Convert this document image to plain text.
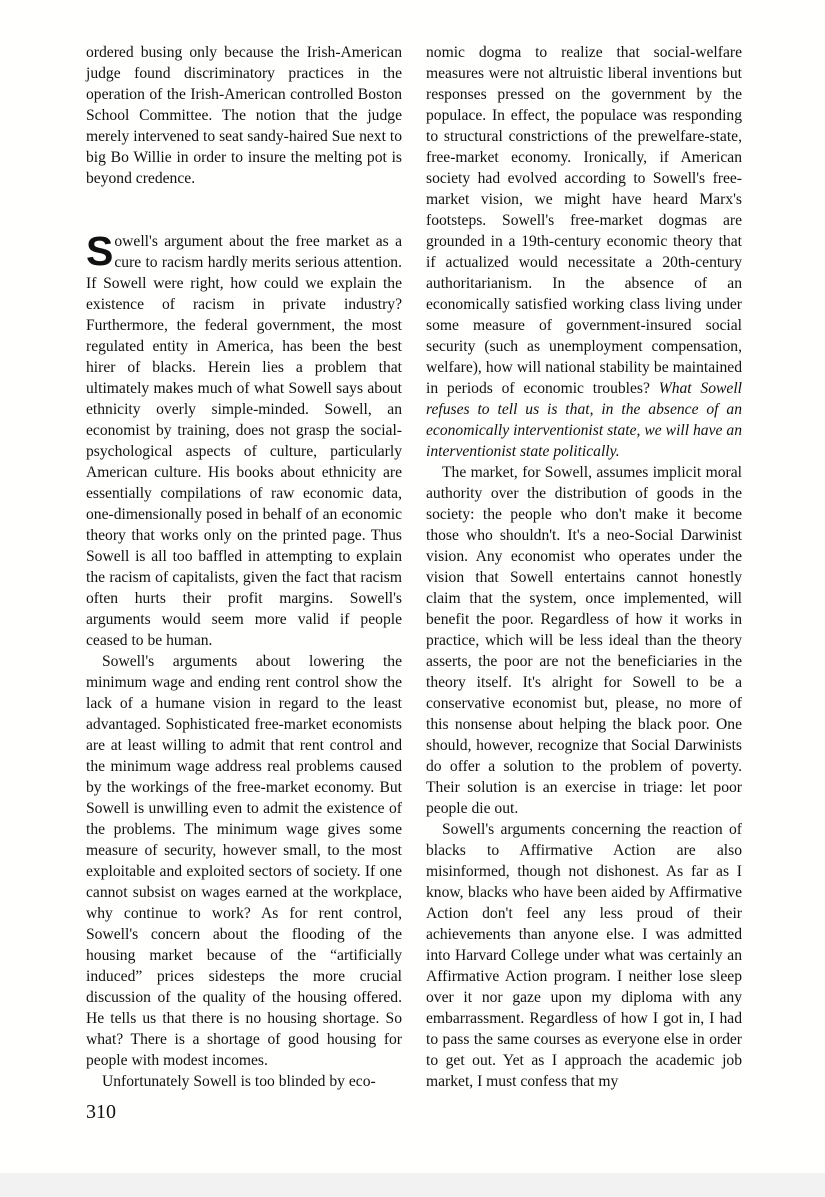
ordered busing only because the Irish-American judge found discriminatory practices in the operation of the Irish-American controlled Boston School Committee. The notion that the judge merely intervened to seat sandy-haired Sue next to big Bo Willie in order to insure the melting pot is beyond credence.

Sowell's argument about the free market as a cure to racism hardly merits serious attention. If Sowell were right, how could we explain the existence of racism in private industry? Furthermore, the federal government, the most regulated entity in America, has been the best hirer of blacks. Herein lies a problem that ultimately makes much of what Sowell says about ethnicity overly simple-minded. Sowell, an economist by training, does not grasp the social-psychological aspects of culture, particularly American culture. His books about ethnicity are essentially compilations of raw economic data, one-dimensionally posed in behalf of an economic theory that works only on the printed page. Thus Sowell is all too baffled in attempting to explain the racism of capitalists, given the fact that racism often hurts their profit margins. Sowell's arguments would seem more valid if people ceased to be human.

Sowell's arguments about lowering the minimum wage and ending rent control show the lack of a humane vision in regard to the least advantaged. Sophisticated free-market economists are at least willing to admit that rent control and the minimum wage address real problems caused by the workings of the free-market economy. But Sowell is unwilling even to admit the existence of the problems. The minimum wage gives some measure of security, however small, to the most exploitable and exploited sectors of society. If one cannot subsist on wages earned at the workplace, why continue to work? As for rent control, Sowell's concern about the flooding of the housing market because of the “artificially induced” prices sidesteps the more crucial discussion of the quality of the housing offered. He tells us that there is no housing shortage. So what? There is a shortage of good housing for people with modest incomes.

Unfortunately Sowell is too blinded by eco-

nomic dogma to realize that social-welfare measures were not altruistic liberal inventions but responses pressed on the government by the populace. In effect, the populace was responding to structural constrictions of the prewelfare-state, free-market economy. Ironically, if American society had evolved according to Sowell's free-market vision, we might have heard Marx's footsteps. Sowell's free-market dogmas are grounded in a 19th-century economic theory that if actualized would necessitate a 20th-century authoritarianism. In the absence of an economically satisfied working class living under some measure of government-insured social security (such as unemployment compensation, welfare), how will national stability be maintained in periods of economic troubles? What Sowell refuses to tell us is that, in the absence of an economically interventionist state, we will have an interventionist state politically.

The market, for Sowell, assumes implicit moral authority over the distribution of goods in the society: the people who don't make it become those who shouldn't. It's a neo-Social Darwinist vision. Any economist who operates under the vision that Sowell entertains cannot honestly claim that the system, once implemented, will benefit the poor. Regardless of how it works in practice, which will be less ideal than the theory asserts, the poor are not the beneficiaries in the theory itself. It's alright for Sowell to be a conservative economist but, please, no more of this nonsense about helping the black poor. One should, however, recognize that Social Darwinists do offer a solution to the problem of poverty. Their solution is an exercise in triage: let poor people die out.

Sowell's arguments concerning the reaction of blacks to Affirmative Action are also misinformed, though not dishonest. As far as I know, blacks who have been aided by Affirmative Action don't feel any less proud of their achievements than anyone else. I was admitted into Harvard College under what was certainly an Affirmative Action program. I neither lose sleep over it nor gaze upon my diploma with any embarrassment. Regardless of how I got in, I had to pass the same courses as everyone else in order to get out. Yet as I approach the academic job market, I must confess that my

310
